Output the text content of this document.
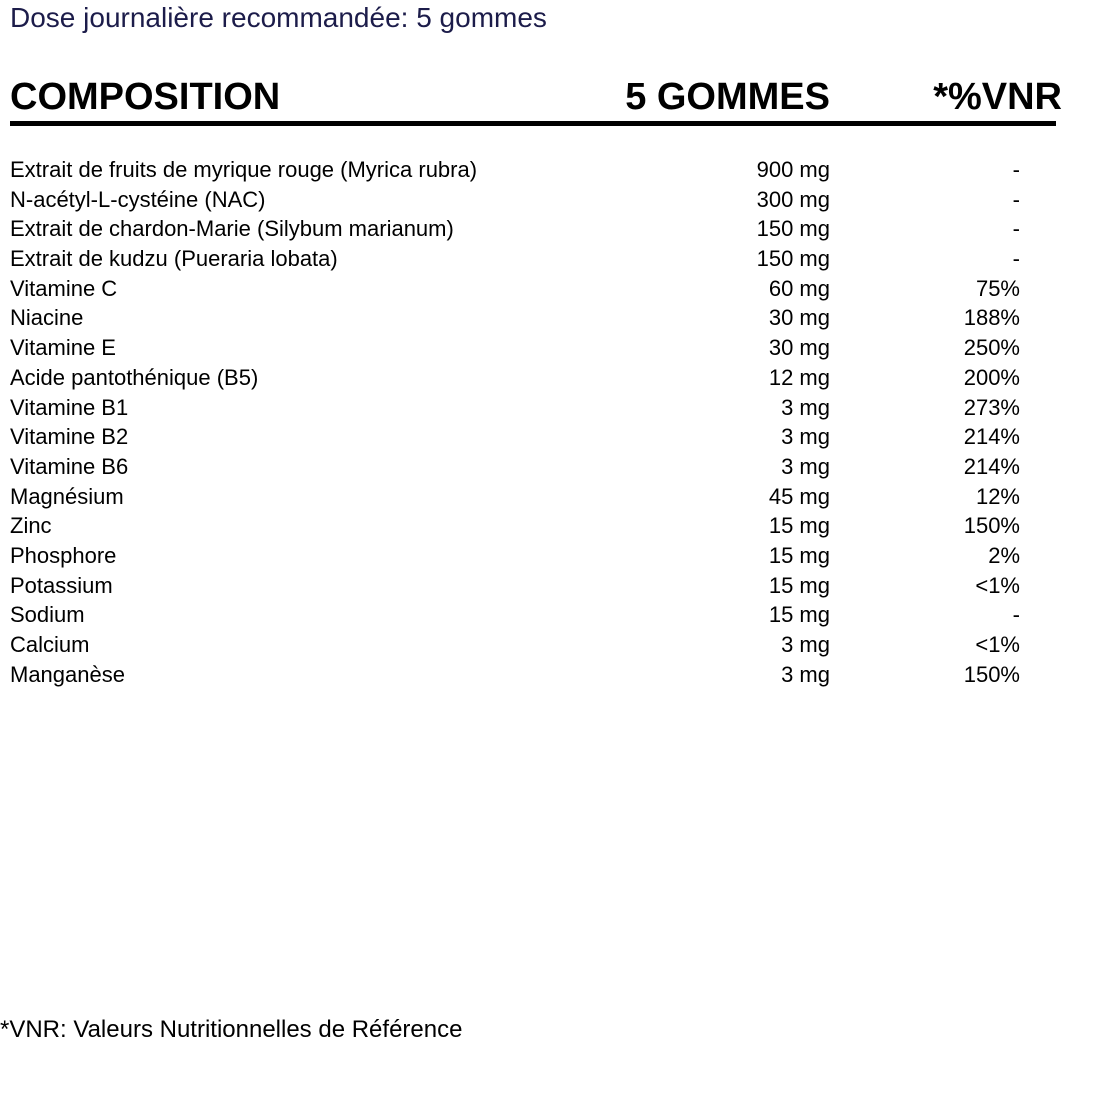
Dose journalière recommandée: 5 gommes
COMPOSITION	5 GOMMES	*%VNR
Extrait de fruits de myrique rouge (Myrica rubra)	900 mg	-
N-acétyl-L-cystéine (NAC)	300 mg	-
Extrait de chardon-Marie (Silybum marianum)	150 mg	-
Extrait de kudzu (Pueraria lobata)	150 mg	-
Vitamine C	60 mg	75%
Niacine	30 mg	188%
Vitamine E	30 mg	250%
Acide pantothénique (B5)	12 mg	200%
Vitamine B1	3 mg	273%
Vitamine B2	3 mg	214%
Vitamine B6	3 mg	214%
Magnésium	45 mg	12%
Zinc	15 mg	150%
Phosphore	15 mg	2%
Potassium	15 mg	<1%
Sodium	15 mg	-
Calcium	3 mg	<1%
Manganèse	3 mg	150%
*VNR: Valeurs Nutritionnelles de Référence
